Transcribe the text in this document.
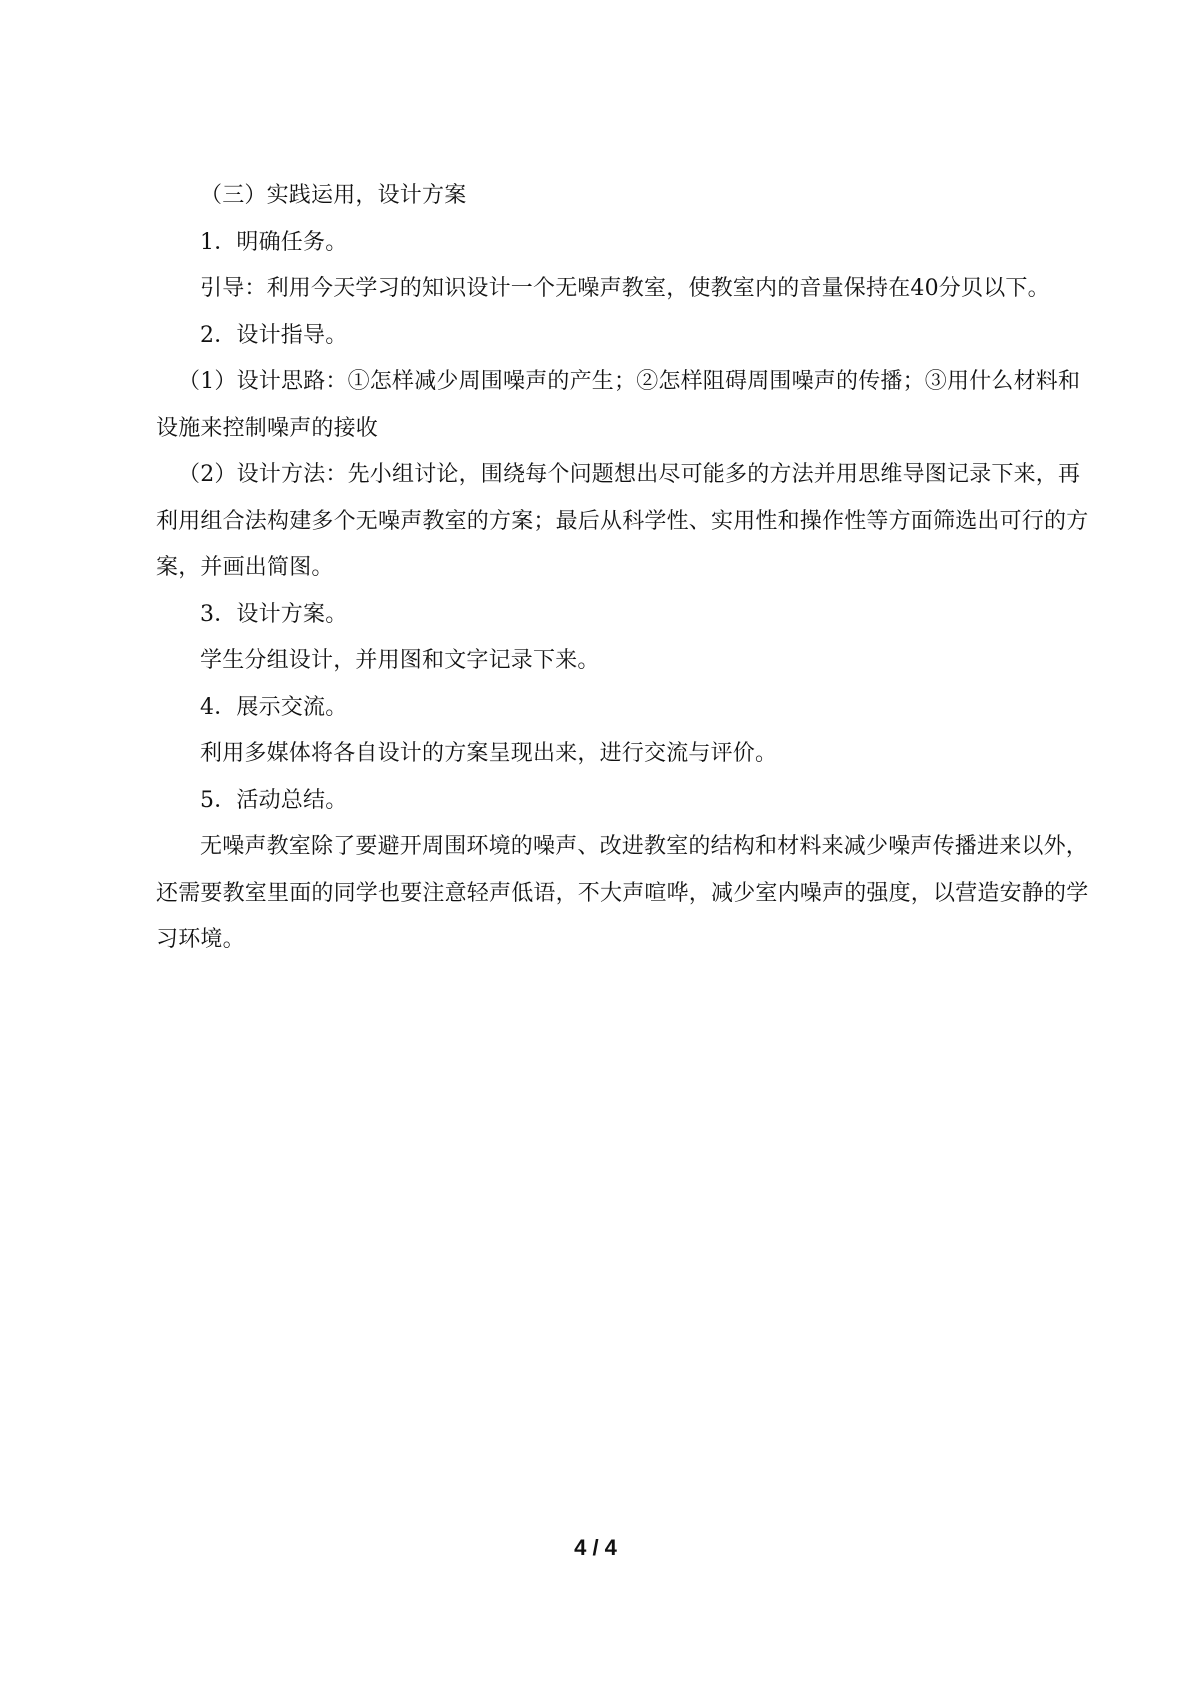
（三）实践运用，设计方案

1．明确任务。

引导：利用今天学习的知识设计一个无噪声教室，使教室内的音量保持在40分贝以下。

2．设计指导。

（1）设计思路：①怎样减少周围噪声的产生；②怎样阻碍周围噪声的传播；③用什么材料和设施来控制噪声的接收

（2）设计方法：先小组讨论，围绕每个问题想出尽可能多的方法并用思维导图记录下来，再利用组合法构建多个无噪声教室的方案；最后从科学性、实用性和操作性等方面筛选出可行的方案，并画出简图。

3．设计方案。

学生分组设计，并用图和文字记录下来。

4．展示交流。

利用多媒体将各自设计的方案呈现出来，进行交流与评价。

5．活动总结。

无噪声教室除了要避开周围环境的噪声、改进教室的结构和材料来减少噪声传播进来以外，还需要教室里面的同学也要注意轻声低语，不大声喧哗，减少室内噪声的强度，以营造安静的学习环境。

4 / 4
